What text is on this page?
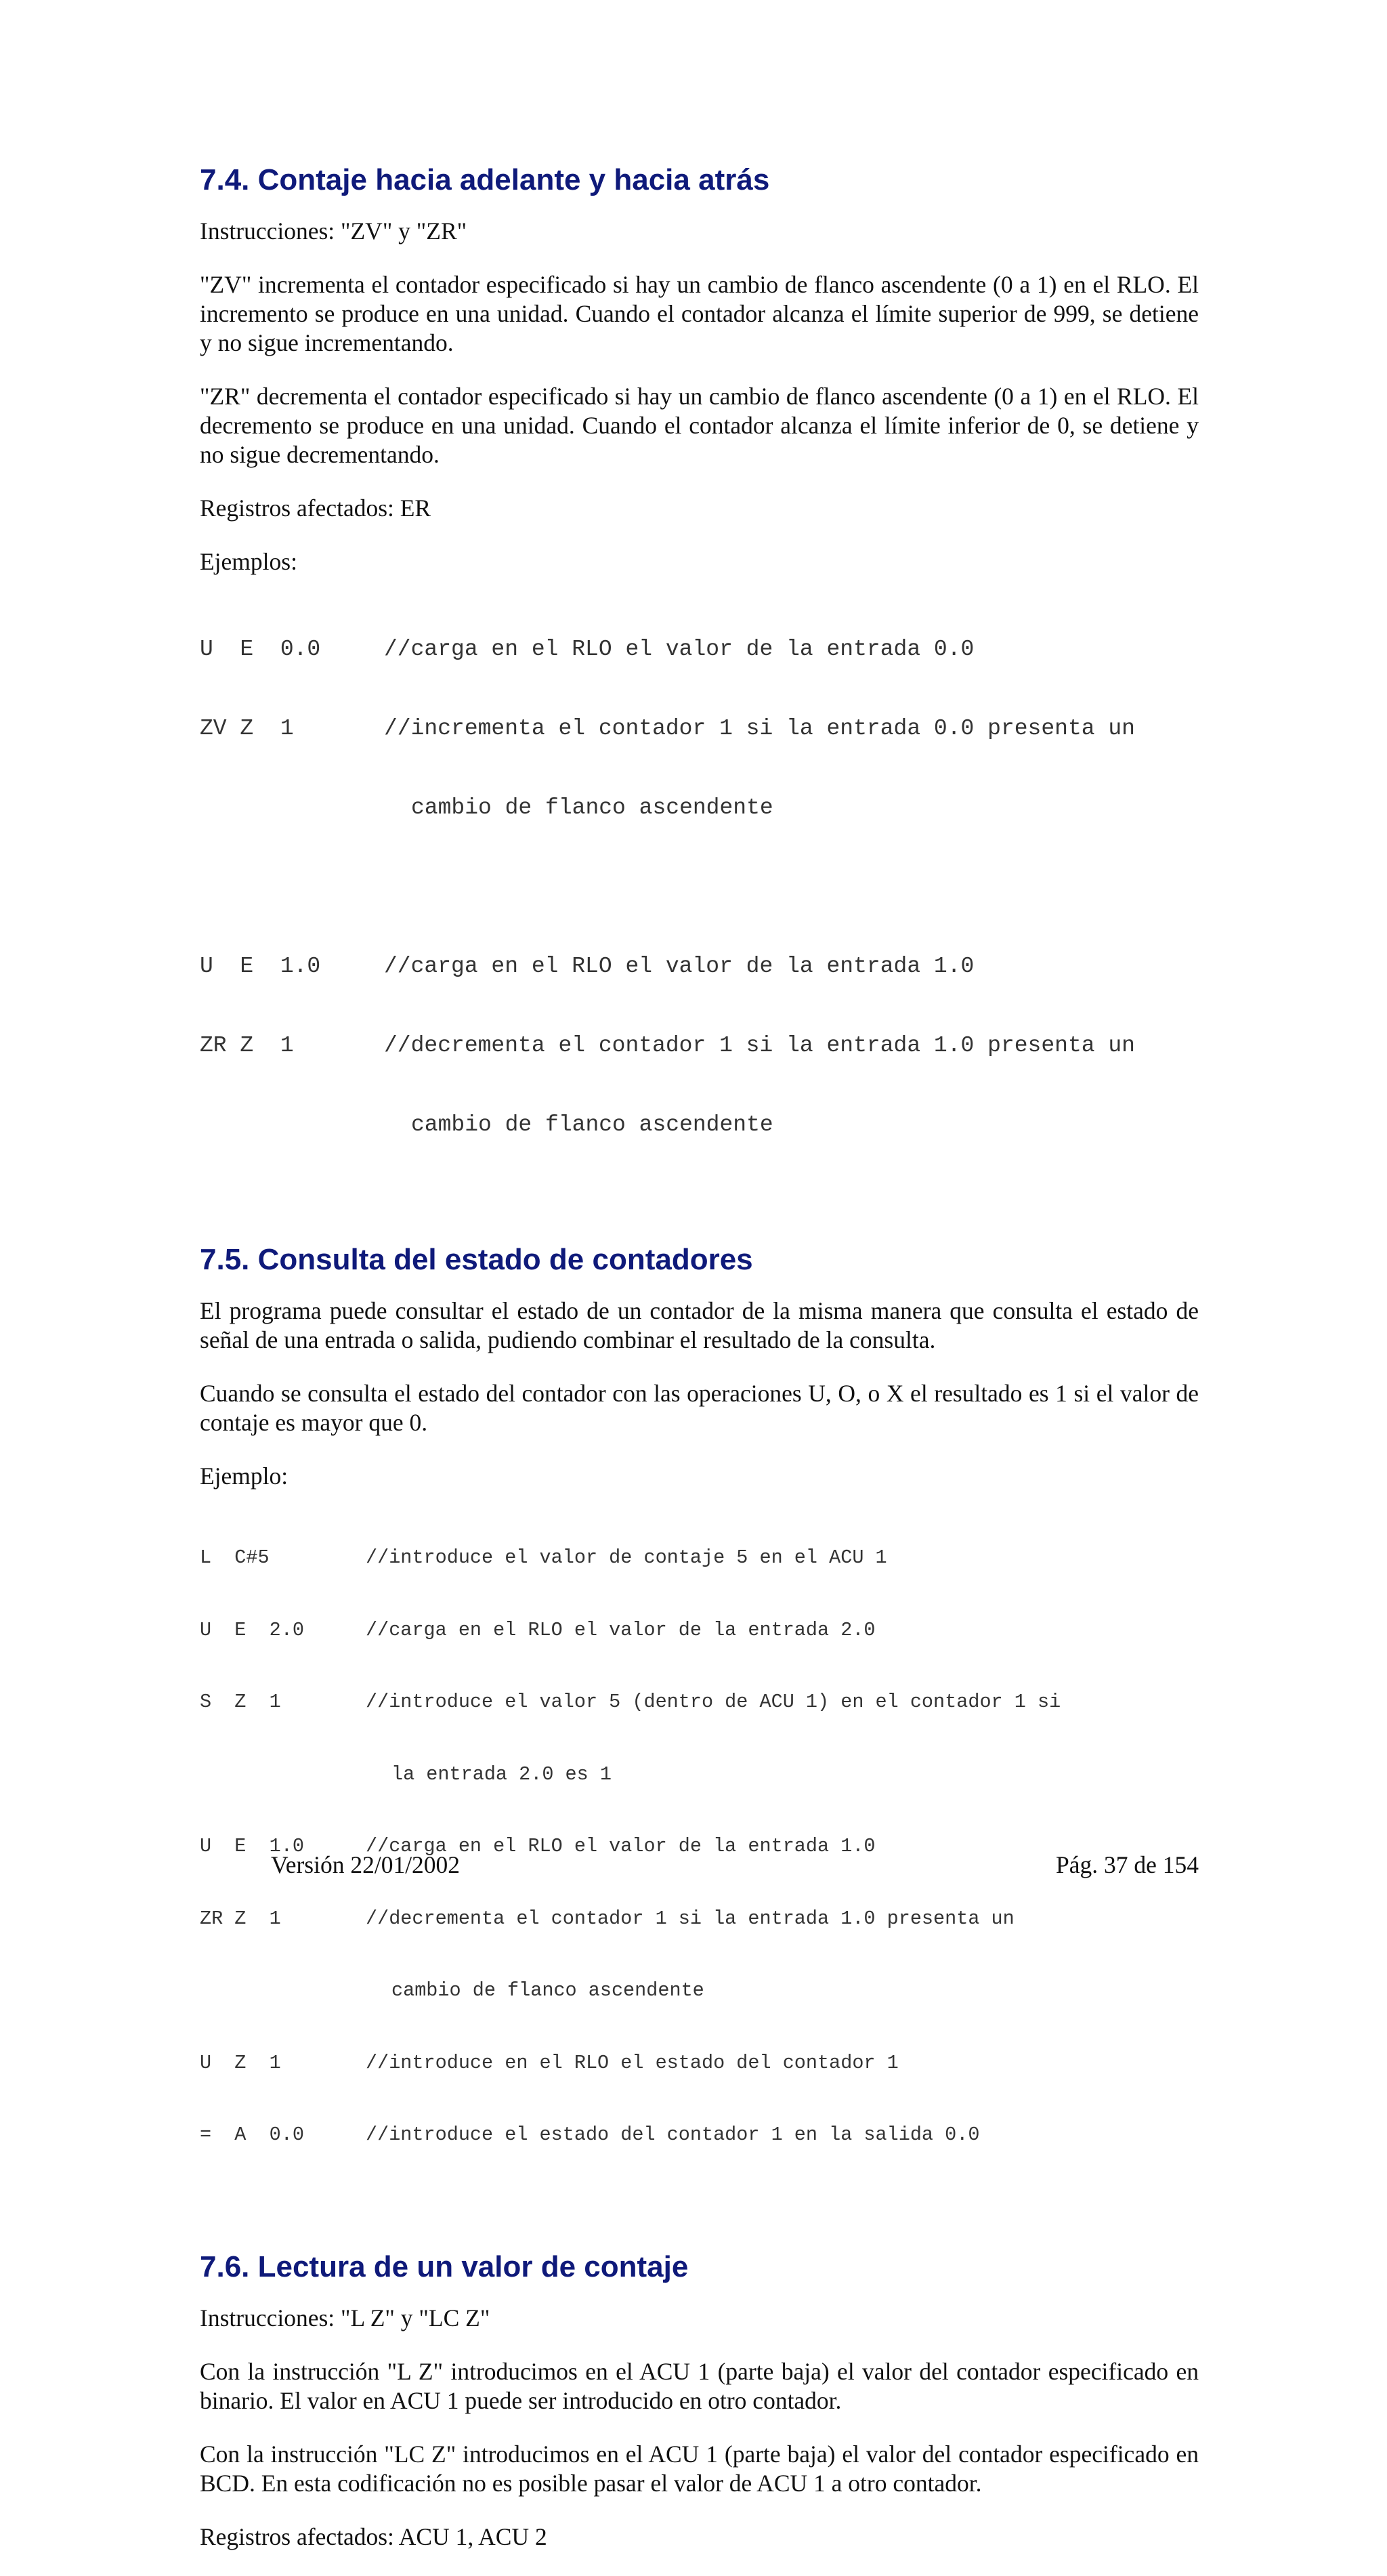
7.4. Contaje hacia adelante y hacia atrás

Instrucciones: "ZV" y "ZR"

"ZV" incrementa el contador especificado si hay un cambio de flanco ascendente (0 a 1) en el RLO. El incremento se produce en una unidad. Cuando el contador alcanza el límite superior de 999, se detiene y no sigue incrementando.

"ZR" decrementa el contador especificado si hay un cambio de flanco ascendente (0 a 1) en el RLO. El decremento se produce en una unidad. Cuando el contador alcanza el límite inferior de 0, se detiene y no sigue decrementando.

Registros afectados: ER

Ejemplos:

U  E  0.0	//carga en el RLO el valor de la entrada 0.0

ZV Z  1	//incrementa el contador 1 si la entrada 0.0 presenta un

cambio de flanco ascendente

U  E  1.0	//carga en el RLO el valor de la entrada 1.0

ZR Z  1	//decrementa el contador 1 si la entrada 1.0 presenta un

cambio de flanco ascendente

7.5. Consulta del estado de contadores

El programa puede consultar el estado de un contador de la misma manera que consulta el estado de señal de una entrada o salida, pudiendo combinar el resultado de la consulta.

Cuando se consulta el estado del contador con las operaciones U, O, o X el resultado es 1 si el valor de contaje es mayor que 0.

Ejemplo:

L  C#5	//introduce el valor de contaje 5 en el ACU 1

U  E  2.0	//carga en el RLO el valor de la entrada 2.0

S  Z  1	//introduce el valor 5 (dentro de ACU 1) en el contador 1 si

la entrada 2.0 es 1

U  E  1.0	//carga en el RLO el valor de la entrada 1.0

ZR Z  1	//decrementa el contador 1 si la entrada 1.0 presenta un

cambio de flanco ascendente

U  Z  1	//introduce en el RLO el estado del contador 1

=  A  0.0	//introduce el estado del contador 1 en la salida 0.0

7.6. Lectura de un valor de contaje

Instrucciones: "L Z" y "LC Z"

Con la instrucción "L Z" introducimos en el ACU 1 (parte baja) el valor del contador especificado en binario. El valor en ACU 1 puede ser introducido en otro contador.

Con la instrucción "LC Z" introducimos en el ACU 1 (parte baja) el valor del contador especificado en BCD. En esta codificación no es posible pasar el valor de ACU 1 a otro contador.

Registros afectados: ACU 1, ACU 2

Versión 22/01/2002	Pág. 37 de 154
